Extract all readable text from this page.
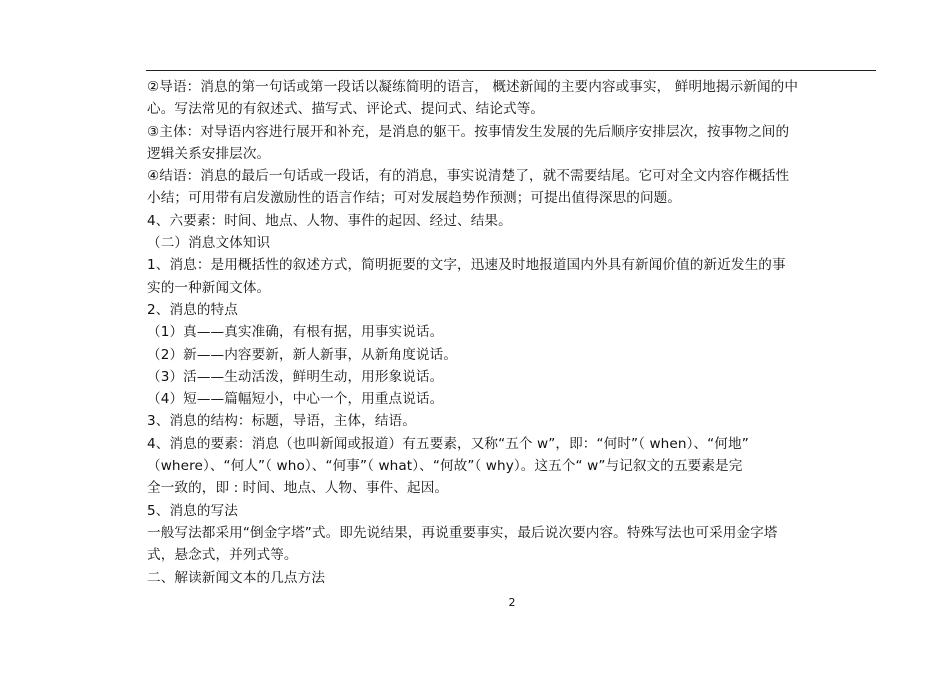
②导语：消息的第一句话或第一段话以凝练简明的语言， 概述新闻的主要内容或事实， 鲜明地揭示新闻的中
心。写法常见的有叙述式、描写式、评论式、提问式、结论式等。
③主体：对导语内容进行展开和补充，是消息的躯干。按事情发生发展的先后顺序安排层次，按事物之间的
逻辑关系安排层次。
④结语：消息的最后一句话或一段话，有的消息，事实说清楚了，就不需要结尾。它可对全文内容作概括性
小结；可用带有启发激励性的语言作结；可对发展趋势作预测；可提出值得深思的问题。
4、六要素：时间、地点、人物、事件的起因、经过、结果。
（二）消息文体知识
1、消息：是用概括性的叙述方式，简明扼要的文字，迅速及时地报道国内外具有新闻价值的新近发生的事
实的一种新闻文体。
2、消息的特点
（1）真——真实准确，有根有据，用事实说话。
（2）新——内容要新，新人新事，从新角度说话。
（3）活——生动活泼，鲜明生动，用形象说话。
（4）短——篇幅短小，中心一个，用重点说话。
3、消息的结构：标题，导语，主体，结语。
4、消息的要素：消息（也叫新闻或报道）有五要素，又称“五个 w”，即：“何时”（ when）、“何地”
（where）、“何人”（ who）、“何事”（ what）、“何故”（ why）。这五个“ w”与记叙文的五要素是完
全一致的，即 : 时间、地点、人物、事件、起因。
5、消息的写法
一般写法都采用“倒金字塔”式。即先说结果，再说重要事实，最后说次要内容。特殊写法也可采用金字塔
式，悬念式，并列式等。
二、解读新闻文本的几点方法
2
